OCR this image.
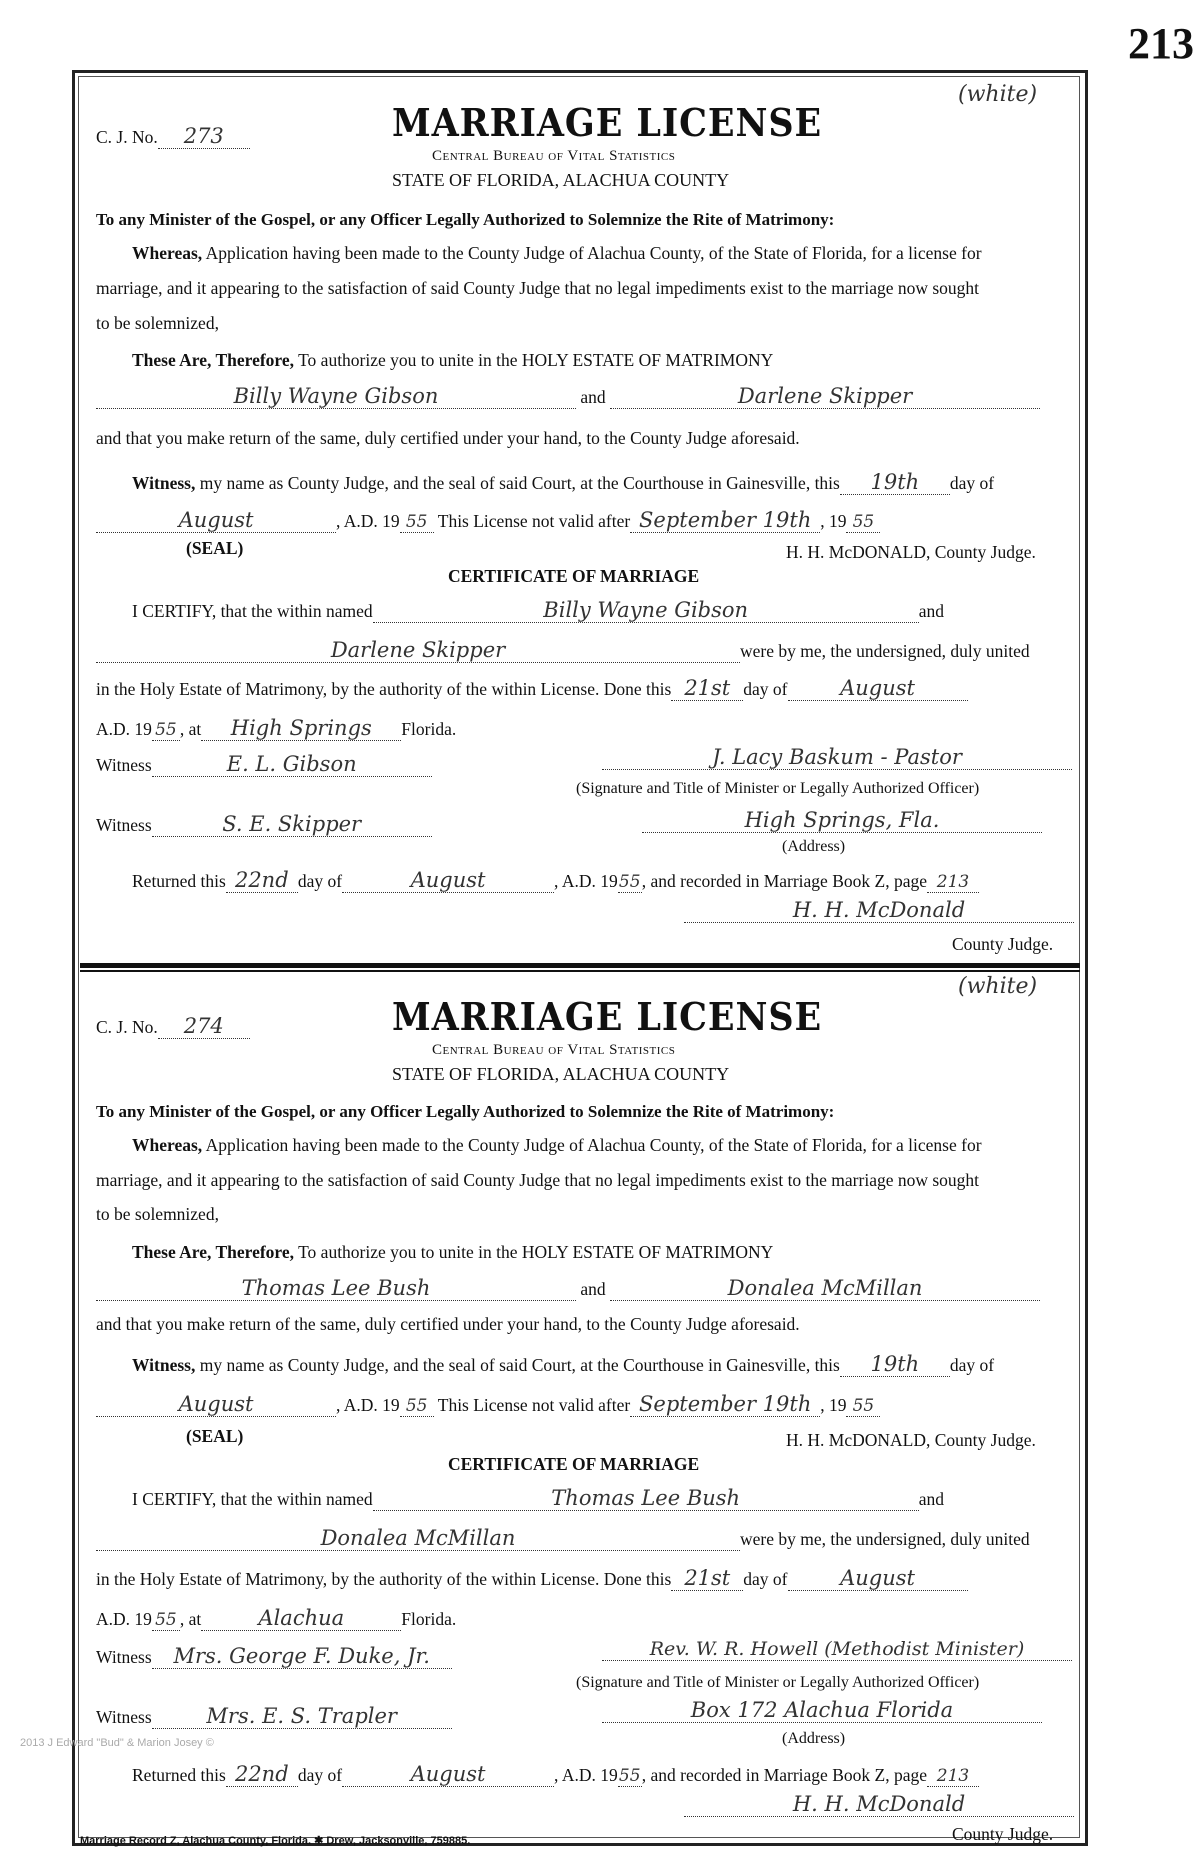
213
(white)
C. J. No. 273	MARRIAGE LICENSE
Central Bureau of Vital Statistics
STATE OF FLORIDA, ALACHUA COUNTY
To any Minister of the Gospel, or any Officer Legally Authorized to Solemnize the Rite of Matrimony:
Whereas, Application having been made to the County Judge of Alachua County, of the State of Florida, for a license for
marriage, and it appearing to the satisfaction of said County Judge that no legal impediments exist to the marriage now sought
to be solemnized,
These Are, Therefore, To authorize you to unite in the HOLY ESTATE OF MATRIMONY
Billy Wayne Gibson	and	Darlene Skipper
and that you make return of the same, duly certified under your hand, to the County Judge aforesaid.
Witness, my name as County Judge, and the seal of said Court, at the Courthouse in Gainesville, this 19th day of
August	, A.D. 19 55 This License not valid after September 19th , 19 55
(SEAL)	H. H. McDONALD, County Judge.
CERTIFICATE OF MARRIAGE
I CERTIFY, that the within named	Billy Wayne Gibson	and
Darlene Skipper	were by me, the undersigned, duly united
in the Holy Estate of Matrimony, by the authority of the within License. Done this 21st day of	August
A.D. 19 55 , at High Springs Florida.
Witness	E. L. Gibson	J. Lacy Baskum - Pastor
(Signature and Title of Minister or Legally Authorized Officer)
Witness	S. E. Skipper	High Springs, Fla.
(Address)
Returned this 22nd day of	August	, A.D. 1955, and recorded in Marriage Book Z, page 213
H. H. McDonald
County Judge.
(white)
C. J. No. 274	MARRIAGE LICENSE
Central Bureau of Vital Statistics
STATE OF FLORIDA, ALACHUA COUNTY
To any Minister of the Gospel, or any Officer Legally Authorized to Solemnize the Rite of Matrimony:
Whereas, Application having been made to the County Judge of Alachua County, of the State of Florida, for a license for
marriage, and it appearing to the satisfaction of said County Judge that no legal impediments exist to the marriage now sought
to be solemnized,
These Are, Therefore, To authorize you to unite in the HOLY ESTATE OF MATRIMONY
Thomas Lee Bush	and	Donalea McMillan
and that you make return of the same, duly certified under your hand, to the County Judge aforesaid.
Witness, my name as County Judge, and the seal of said Court, at the Courthouse in Gainesville, this 19th day of
August	, A.D. 19 55 This License not valid after September 19th , 19 55
(SEAL)	H. H. McDONALD, County Judge.
CERTIFICATE OF MARRIAGE
I CERTIFY, that the within named	Thomas Lee Bush	and
Donalea McMillan	were by me, the undersigned, duly united
in the Holy Estate of Matrimony, by the authority of the within License. Done this 21st day of	August
A.D. 19 55 , at	Alachua	Florida.
Witness Mrs. George F. Duke, Jr.	Rev. W. R. Howell (Methodist Minister)
(Signature and Title of Minister or Legally Authorized Officer)
Witness	Mrs. E. S. Trapler	Box 172 Alachua Florida
(Address)
Returned this 22nd day of	August	, A.D. 1955, and recorded in Marriage Book Z, page 213
H. H. McDonald
County Judge.
Marriage Record Z, Alachua County, Florida. ✱ Drew, Jacksonville, 759885.
2013 J Edward "Bud" & Marion Josey ©
